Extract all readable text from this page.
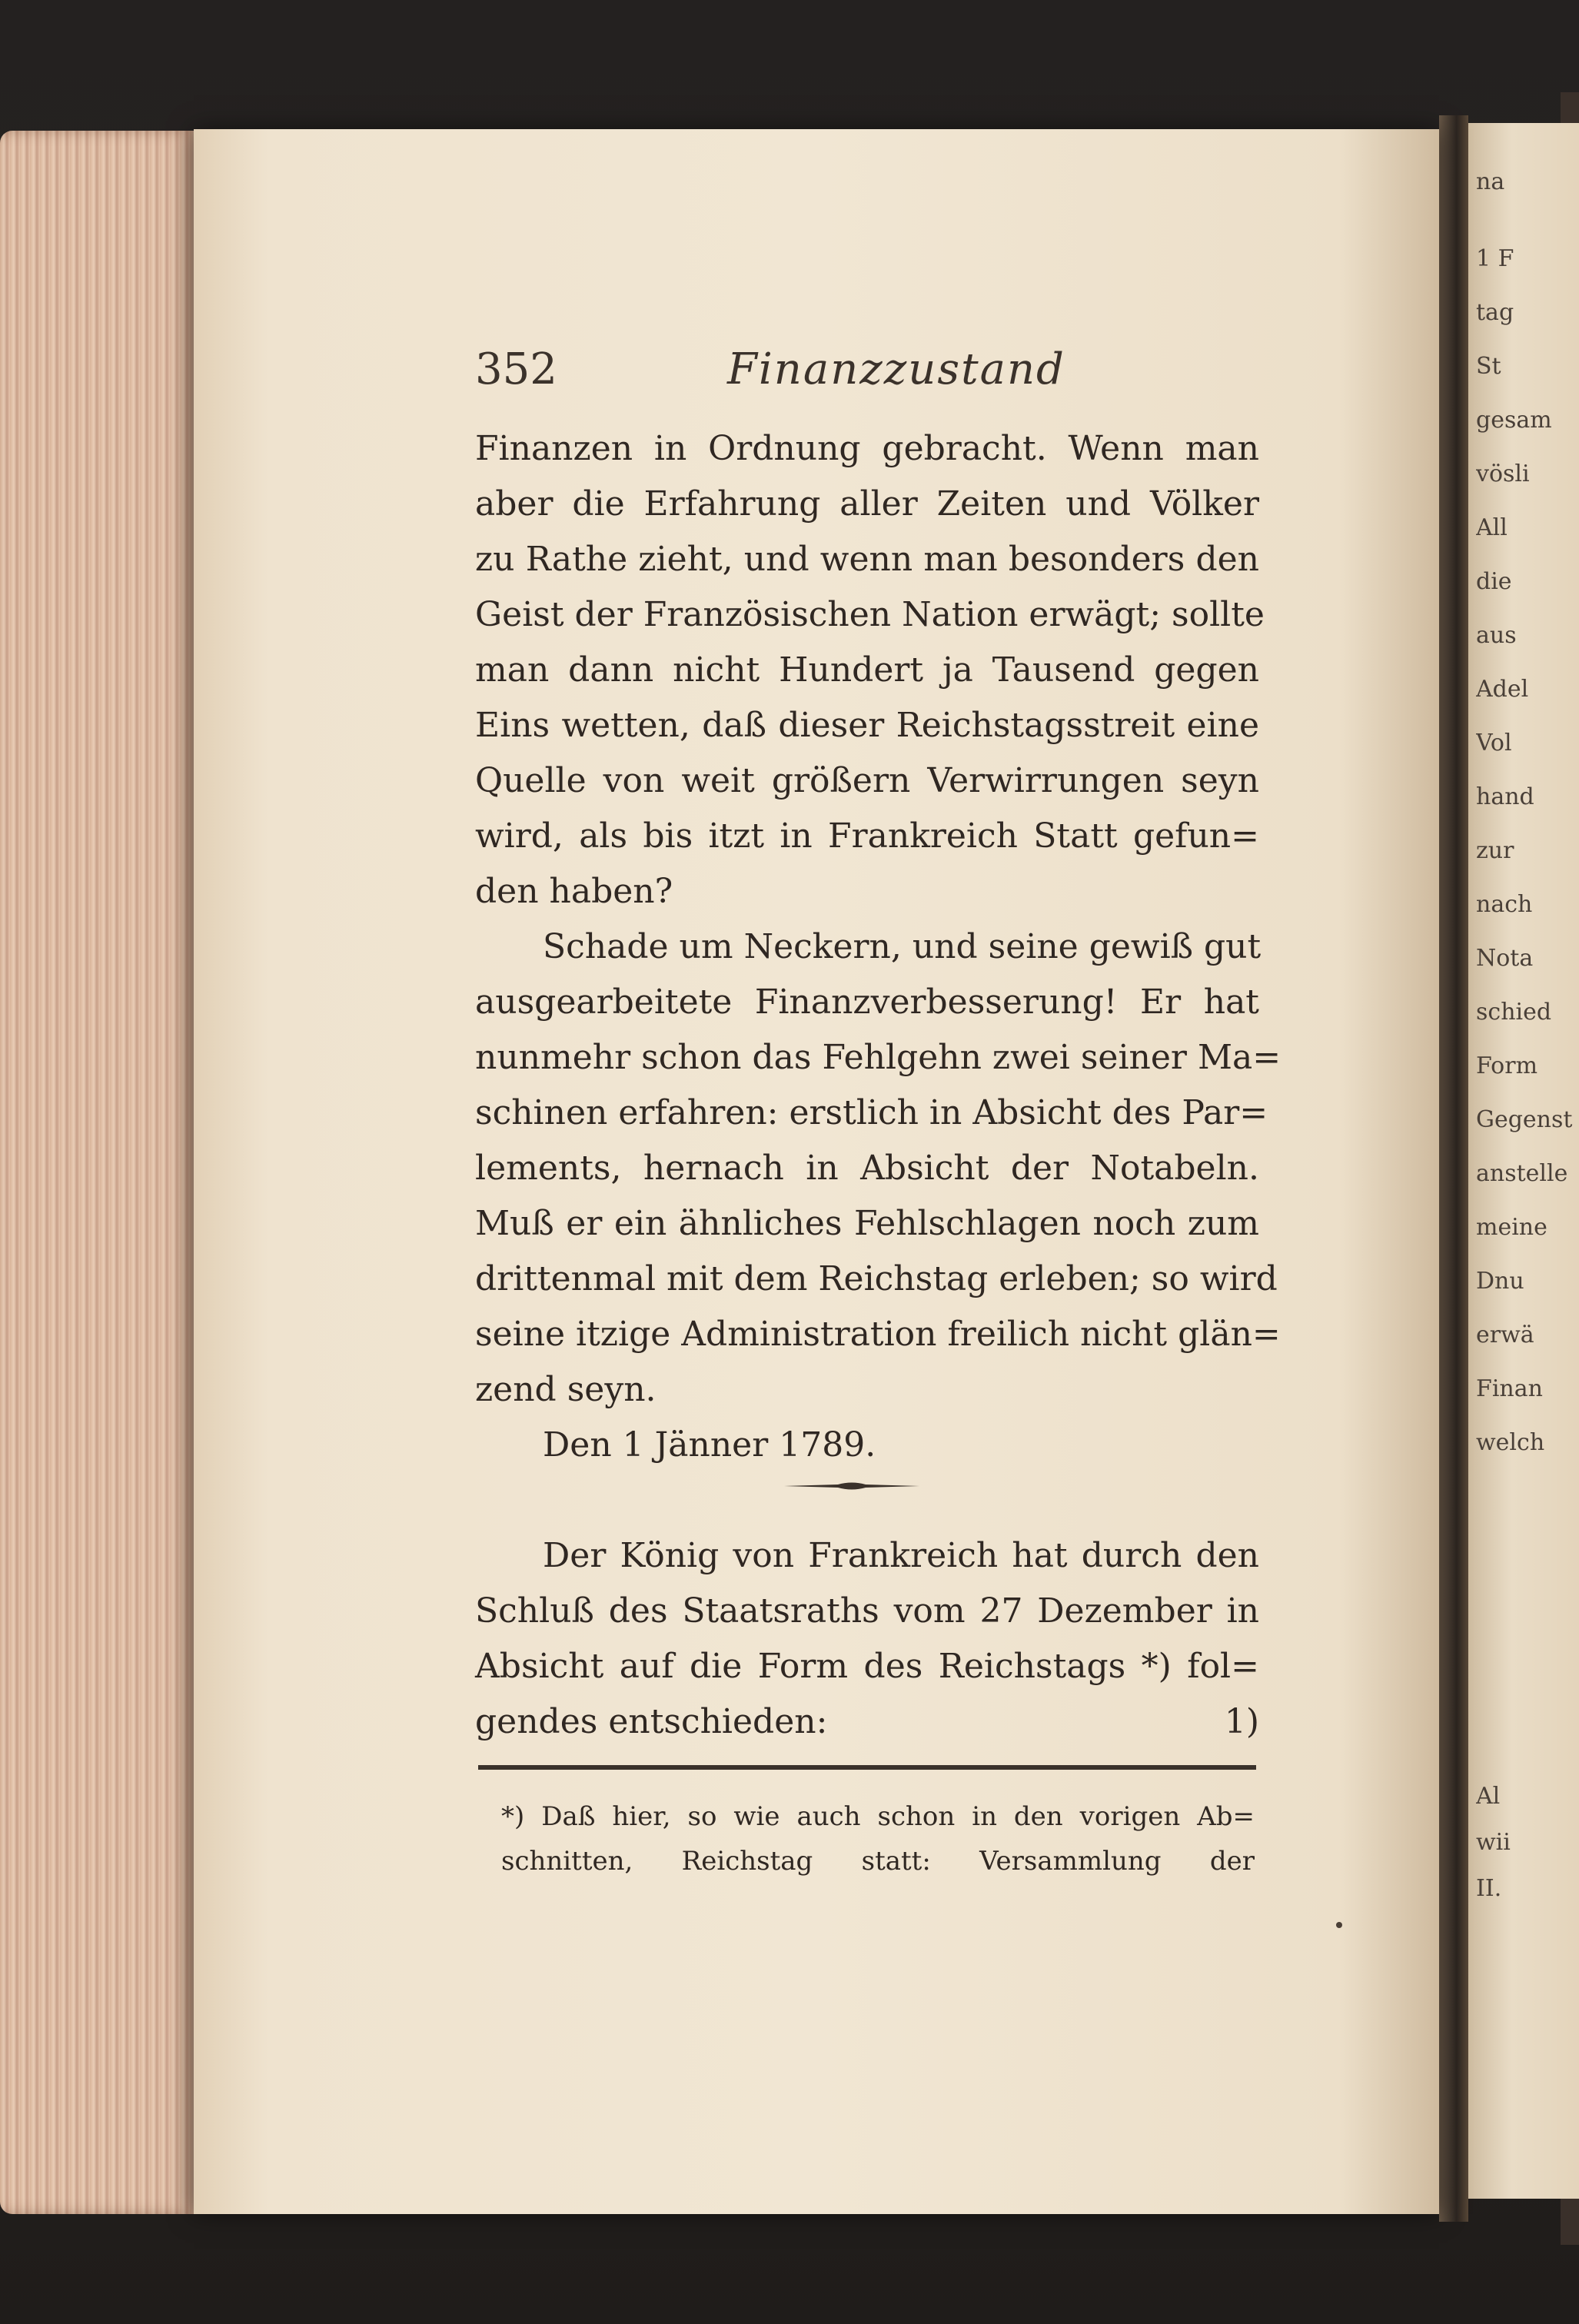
na
1 F
tag
St
gesam
vösli
All
die
aus
Adel
Vol
hand
zur
nach
Nota
schied
Form
Gegenst
anstelle
meine
Dnu
erwä
Finan
welch
Al
wii
II.
352	Finanzzustand
Finanzen in Ordnung gebracht. Wenn man
aber die Erfahrung aller Zeiten und Völker
zu Rathe zieht, und wenn man besonders den
Geist der Französischen Nation erwägt; sollte
man dann nicht Hundert ja Tausend gegen
Eins wetten, daß dieser Reichstagsstreit eine
Quelle von weit größern Verwirrungen seyn
wird, als bis itzt in Frankreich Statt gefun=
den haben?
Schade um Neckern, und seine gewiß gut
ausgearbeitete Finanzverbesserung! Er hat
nunmehr schon das Fehlgehn zwei seiner Ma=
schinen erfahren: erstlich in Absicht des Par=
lements, hernach in Absicht der Notabeln.
Muß er ein ähnliches Fehlschlagen noch zum
drittenmal mit dem Reichstag erleben; so wird
seine itzige Administration freilich nicht glän=
zend seyn.
Den 1 Jänner 1789.
Der König von Frankreich hat durch den
Schluß des Staatsraths vom 27 Dezember in
Absicht auf die Form des Reichstags *) fol=
gendes entschieden:	1)
*) Daß hier, so wie auch schon in den vorigen Ab=
schnitten, Reichstag statt: Versammlung der
